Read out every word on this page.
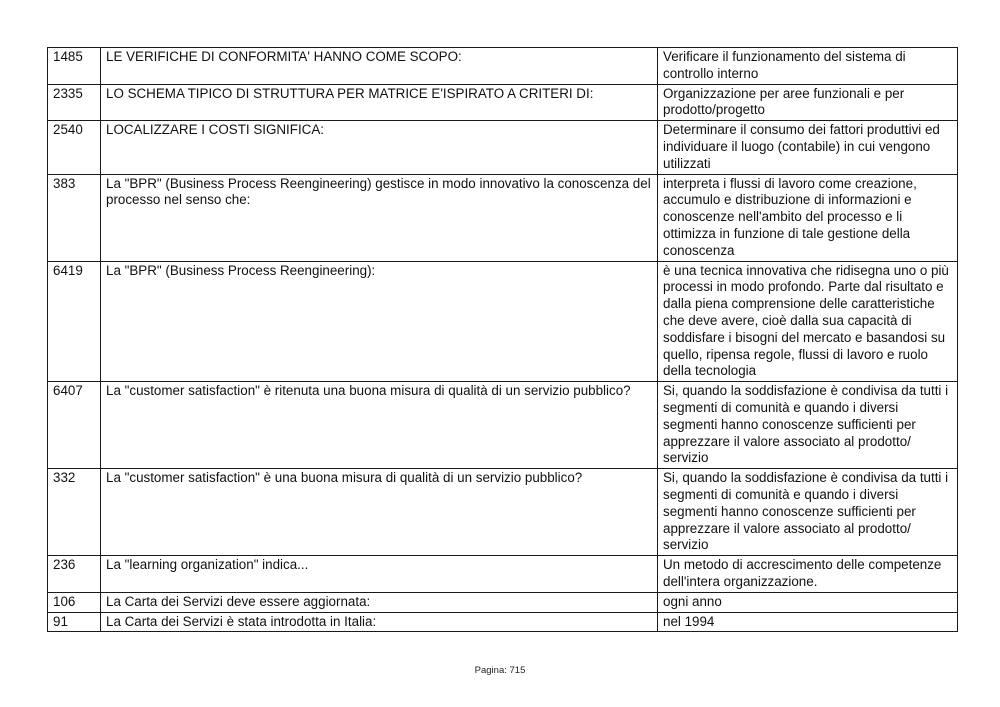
1485	LE VERIFICHE DI CONFORMITA' HANNO COME SCOPO:	Verificare il funzionamento del sistema di controllo interno
2335	LO SCHEMA TIPICO DI STRUTTURA PER MATRICE E'ISPIRATO A CRITERI DI:	Organizzazione per aree funzionali e per prodotto/progetto
2540	LOCALIZZARE I COSTI SIGNIFICA:	Determinare il consumo dei fattori produttivi ed individuare il luogo (contabile) in cui vengono utilizzati
383	La "BPR" (Business Process Reengineering) gestisce in modo innovativo la conoscenza del processo nel senso che:	interpreta i flussi di lavoro come creazione, accumulo e distribuzione di informazioni e conoscenze nell'ambito del processo e li ottimizza in funzione di tale gestione della conoscenza
6419	La "BPR" (Business Process Reengineering):	è una tecnica innovativa che ridisegna uno o più processi in modo profondo. Parte dal risultato e dalla piena comprensione delle caratteristiche che deve avere, cioè dalla sua capacità di soddisfare i bisogni del mercato e basandosi su quello, ripensa regole, flussi di lavoro e ruolo della tecnologia
6407	La "customer satisfaction" è ritenuta una buona misura di qualità di un servizio pubblico?	Si, quando la soddisfazione è condivisa da tutti i segmenti di comunità e quando i diversi segmenti hanno conoscenze sufficienti per apprezzare il valore associato al prodotto/ servizio
332	La "customer satisfaction" è una buona misura di qualità di un servizio pubblico?	Si, quando la soddisfazione è condivisa da tutti i segmenti di comunità e quando i diversi segmenti hanno conoscenze sufficienti per apprezzare il valore associato al prodotto/ servizio
236	La "learning organization" indica...	Un metodo di accrescimento delle competenze dell'intera organizzazione.
106	La Carta dei Servizi deve essere aggiornata:	ogni anno
91	La Carta dei Servizi è stata introdotta in Italia:	nel 1994
Pagina: 715
